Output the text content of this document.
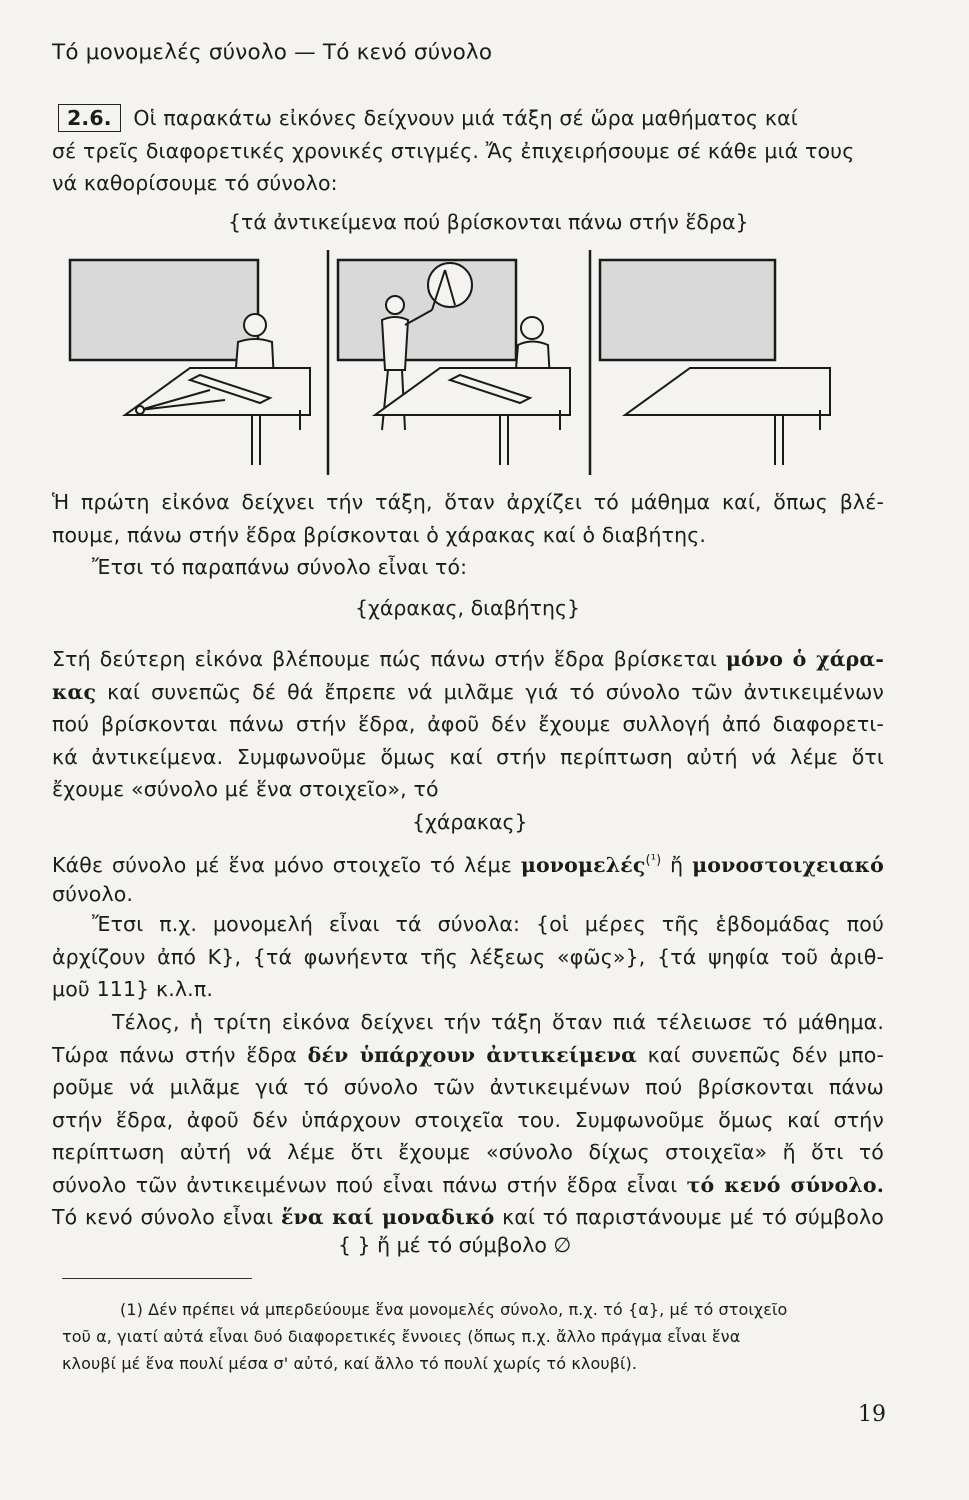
Τό μονομελές σύνολο — Τό κενό σύνολο
2.6. Οἱ παρακάτω εἰκόνες δείχνουν μιά τάξη σέ ὥρα μαθήματος καί
σέ τρεῖς διαφορετικές χρονικές στιγμές. Ἄς ἐπιχειρήσουμε σέ κάθε μιά τους
νά καθορίσουμε τό σύνολο:
{τά ἀντικείμενα πού βρίσκονται πάνω στήν ἕδρα}
Ἡ πρώτη εἰκόνα δείχνει τήν τάξη, ὅταν ἀρχίζει τό μάθημα καί, ὅπως βλέ-
πουμε, πάνω στήν ἕδρα βρίσκονται ὁ χάρακας καί ὁ διαβήτης.
Ἔτσι τό παραπάνω σύνολο εἶναι τό:
{χάρακας, διαβήτης}
Στή δεύτερη εἰκόνα βλέπουμε πώς πάνω στήν ἕδρα βρίσκεται μόνο ὁ χάρα-
κας καί συνεπῶς δέ θά ἔπρεπε νά μιλᾶμε γιά τό σύνολο τῶν ἀντικειμένων
πού βρίσκονται πάνω στήν ἕδρα, ἀφοῦ δέν ἔχουμε συλλογή ἀπό διαφορετι-
κά ἀντικείμενα. Συμφωνοῦμε ὅμως καί στήν περίπτωση αὐτή νά λέμε ὅτι
ἔχουμε «σύνολο μέ ἕνα στοιχεῖο», τό
{χάρακας}
Κάθε σύνολο μέ ἕνα μόνο στοιχεῖο τό λέμε μονομελές$^{(^1)}$ ἤ μονοστοιχειακό
σύνολο.
Ἔτσι π.χ. μονομελή εἶναι τά σύνολα: {οἱ μέρες τῆς ἑβδομάδας πού
ἀρχίζουν ἀπό Κ}, {τά φωνήεντα τῆς λέξεως «φῶς»}, {τά ψηφία τοῦ ἀριθ-
μοῦ 111} κ.λ.π.
Τέλος, ἡ τρίτη εἰκόνα δείχνει τήν τάξη ὅταν πιά τέλειωσε τό μάθημα.
Τώρα πάνω στήν ἕδρα δέν ὑπάρχουν ἀντικείμενα καί συνεπῶς δέν μπο-
ροῦμε νά μιλᾶμε γιά τό σύνολο τῶν ἀντικειμένων πού βρίσκονται πάνω
στήν ἕδρα, ἀφοῦ δέν ὑπάρχουν στοιχεῖα του. Συμφωνοῦμε ὅμως καί στήν
περίπτωση αὐτή νά λέμε ὅτι ἔχουμε «σύνολο δίχως στοιχεῖα» ἤ ὅτι τό
σύνολο τῶν ἀντικειμένων πού εἶναι πάνω στήν ἕδρα εἶναι τό κενό σύνολο.
Τό κενό σύνολο εἶναι ἕνα καί μοναδικό καί τό παριστάνουμε μέ τό σύμβολο
{ } ἤ μέ τό σύμβολο ∅
(1) Δέν πρέπει νά μπερδεύουμε ἕνα μονομελές σύνολο, π.χ. τό {α}, μέ τό στοιχεῖο
τοῦ α, γιατί αὐτά εἶναι δυό διαφορετικές ἔννοιες (ὅπως π.χ. ἄλλο πράγμα εἶναι ἕνα
κλουβί μέ ἕνα πουλί μέσα σ' αὐτό, καί ἄλλο τό πουλί χωρίς τό κλουβί).
19
